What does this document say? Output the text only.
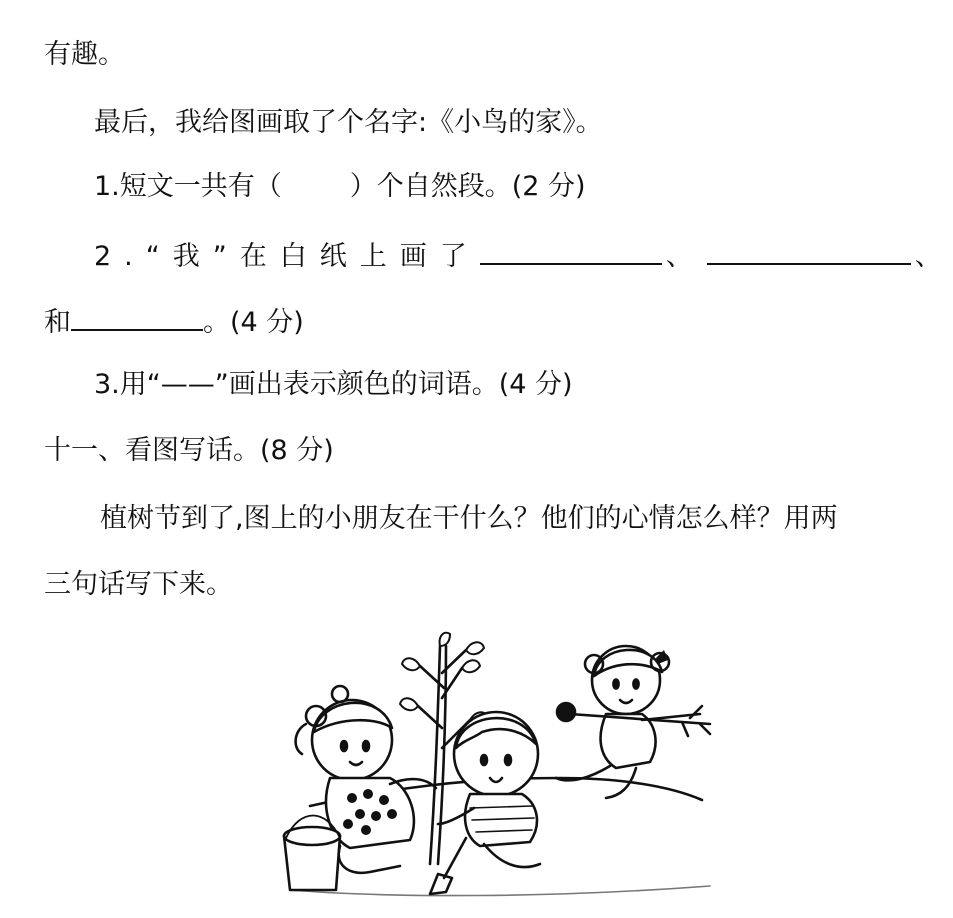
有趣。
最后，我给图画取了个名字:《小鸟的家》。
1.短文一共有（	）个自然段。(2 分)
2.“我”在白纸上画了	、	、
和	。(4 分)
3.用“——”画出表示颜色的词语。(4 分)
十一、看图写话。(8 分)
植树节到了,图上的小朋友在干什么？他们的心情怎么样？用两
三句话写下来。
